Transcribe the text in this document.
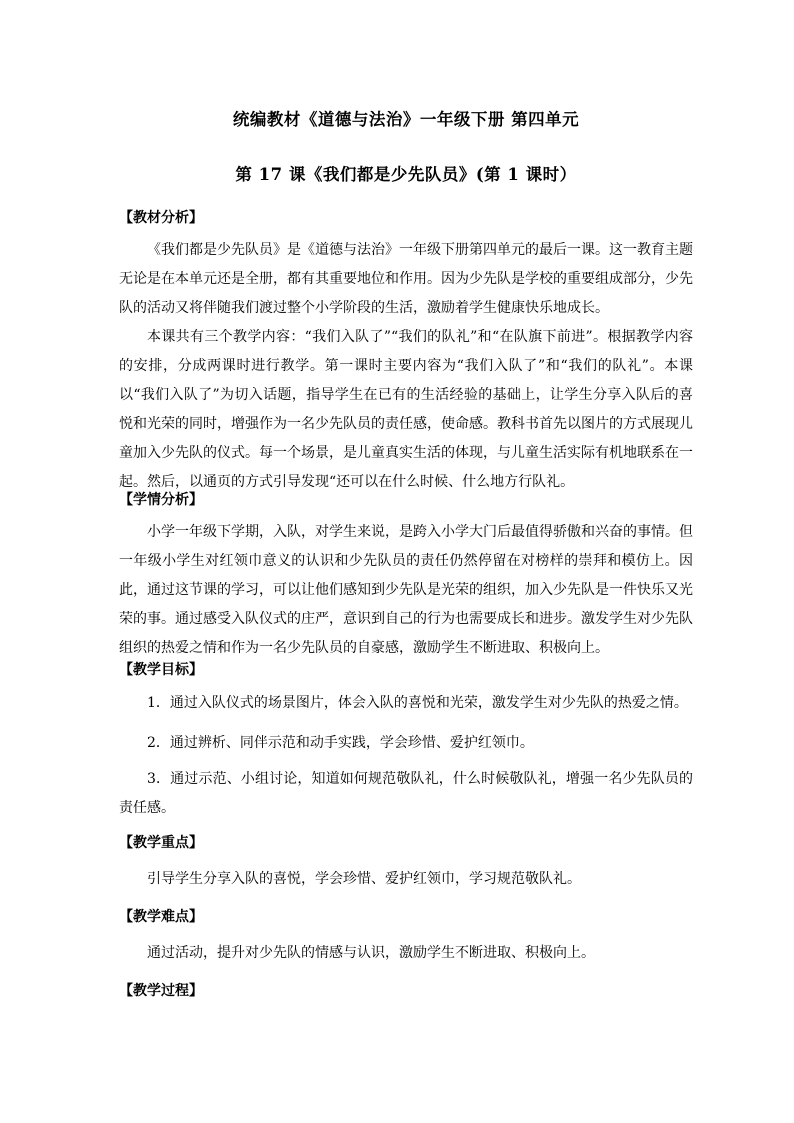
统编教材《道德与法治》一年级下册 第四单元
第 17 课《我们都是少先队员》(第 1 课时）
【教材分析】
《我们都是少先队员》是《道德与法治》一年级下册第四单元的最后一课。这一教育主题无论是在本单元还是全册，都有其重要地位和作用。因为少先队是学校的重要组成部分，少先队的活动又将伴随我们渡过整个小学阶段的生活，激励着学生健康快乐地成长。
本课共有三个教学内容：“我们入队了”“我们的队礼”和“在队旗下前进”。根据教学内容的安排，分成两课时进行教学。第一课时主要内容为“我们入队了”和“我们的队礼”。本课以“我们入队了”为切入话题，指导学生在已有的生活经验的基础上，让学生分享入队后的喜悦和光荣的同时，增强作为一名少先队员的责任感，使命感。教科书首先以图片的方式展现儿童加入少先队的仪式。每一个场景，是儿童真实生活的体现，与儿童生活实际有机地联系在一起。然后，以通页的方式引导发现“还可以在什么时候、什么地方行队礼。
【学情分析】
小学一年级下学期，入队，对学生来说，是跨入小学大门后最值得骄傲和兴奋的事情。但一年级小学生对红领巾意义的认识和少先队员的责任仍然停留在对榜样的崇拜和模仿上。因此，通过这节课的学习，可以让他们感知到少先队是光荣的组织，加入少先队是一件快乐又光荣的事。通过感受入队仪式的庄严，意识到自己的行为也需要成长和进步。激发学生对少先队组织的热爱之情和作为一名少先队员的自豪感，激励学生不断进取、积极向上。
【教学目标】
1．通过入队仪式的场景图片，体会入队的喜悦和光荣，激发学生对少先队的热爱之情。
2．通过辨析、同伴示范和动手实践，学会珍惜、爱护红领巾。
3．通过示范、小组讨论，知道如何规范敬队礼，什么时候敬队礼，增强一名少先队员的责任感。
【教学重点】
引导学生分享入队的喜悦，学会珍惜、爱护红领巾，学习规范敬队礼。
【教学难点】
通过活动，提升对少先队的情感与认识，激励学生不断进取、积极向上。
【教学过程】
